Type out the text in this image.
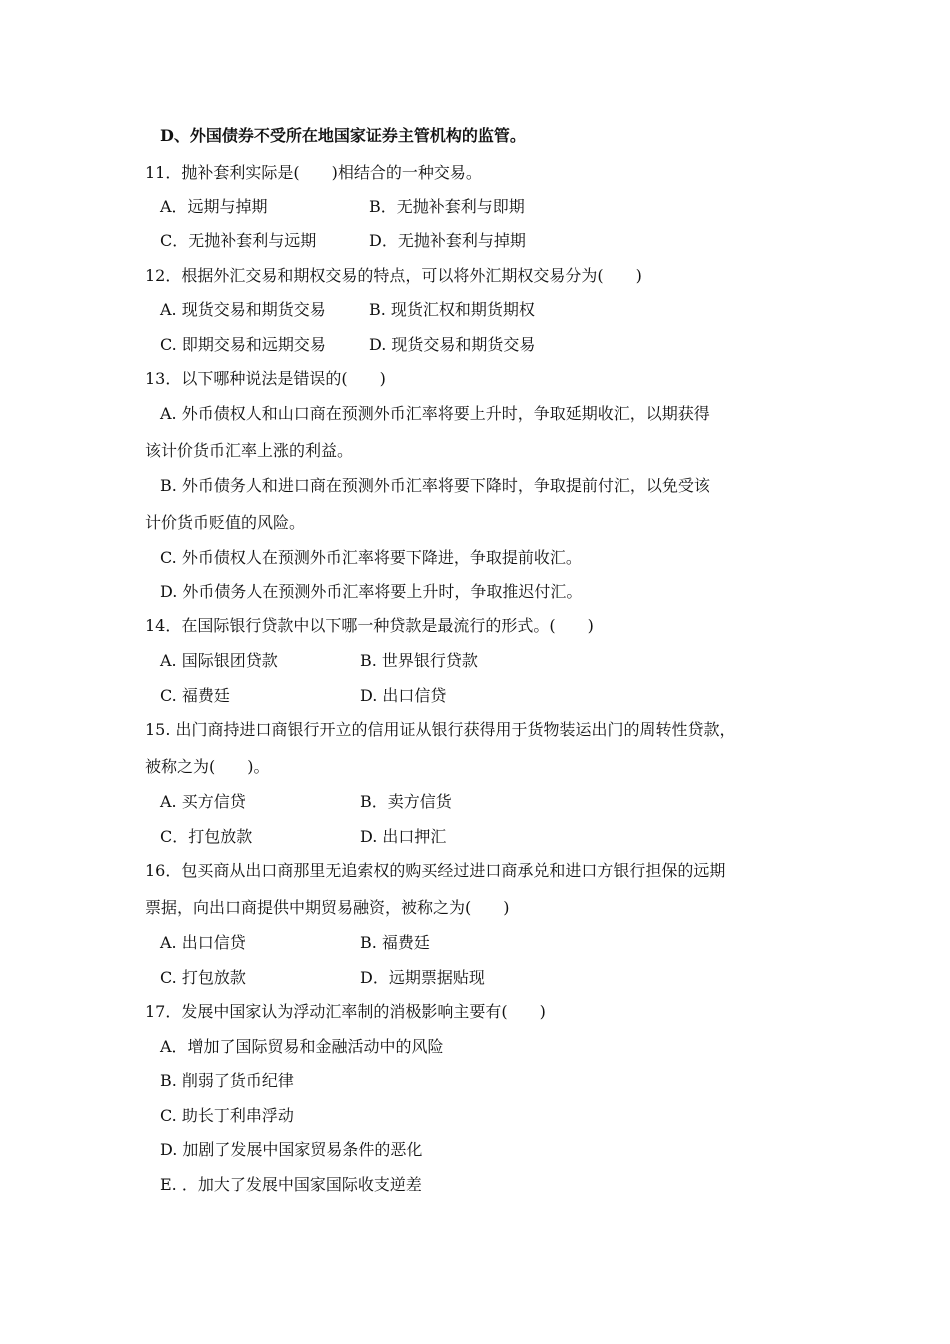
D、外国债券不受所在地国家证券主管机构的监管。
11．抛补套利实际是(　　)相结合的一种交易。
A．远期与掉期	B．无抛补套利与即期
C．无抛补套利与远期	D．无抛补套利与掉期
12．根据外汇交易和期权交易的特点，可以将外汇期权交易分为(　　)
A. 现货交易和期货交易	B. 现货汇权和期货期权
C. 即期交易和远期交易	D. 现货交易和期货交易
13．以下哪种说法是错误的(　　)
A. 外币债权人和山口商在预测外币汇率将要上升时，争取延期收汇，以期获得
该计价货币汇率上涨的利益。
B. 外币债务人和进口商在预测外币汇率将要下降时，争取提前付汇，以免受该
计价货币贬值的风险。
C. 外币债权人在预测外币汇率将要下降进，争取提前收汇。
D. 外币债务人在预测外币汇率将要上升时，争取推迟付汇。
14．在国际银行贷款中以下哪一种贷款是最流行的形式。(　　)
A. 国际银团贷款	B. 世界银行贷款
C. 福费廷	D. 出口信贷
15. 出门商持进口商银行开立的信用证从银行获得用于货物装运出门的周转性贷款，
被称之为(　　)。
A. 买方信贷	B．卖方信货
C．打包放款	D. 出口押汇
16．包买商从出口商那里无追索权的购买经过进口商承兑和进口方银行担保的远期
票据，向出口商提供中期贸易融资，被称之为(　　)
A. 出口信贷	B. 福费廷
C. 打包放款	D．远期票据贴现
17．发展中国家认为浮动汇率制的消极影响主要有(　　)
A．增加了国际贸易和金融活动中的风险
B. 削弱了货币纪律
C. 助长丁利串浮动
D. 加剧了发展中国家贸易条件的恶化
E. ．加大了发展中国家国际收支逆差
